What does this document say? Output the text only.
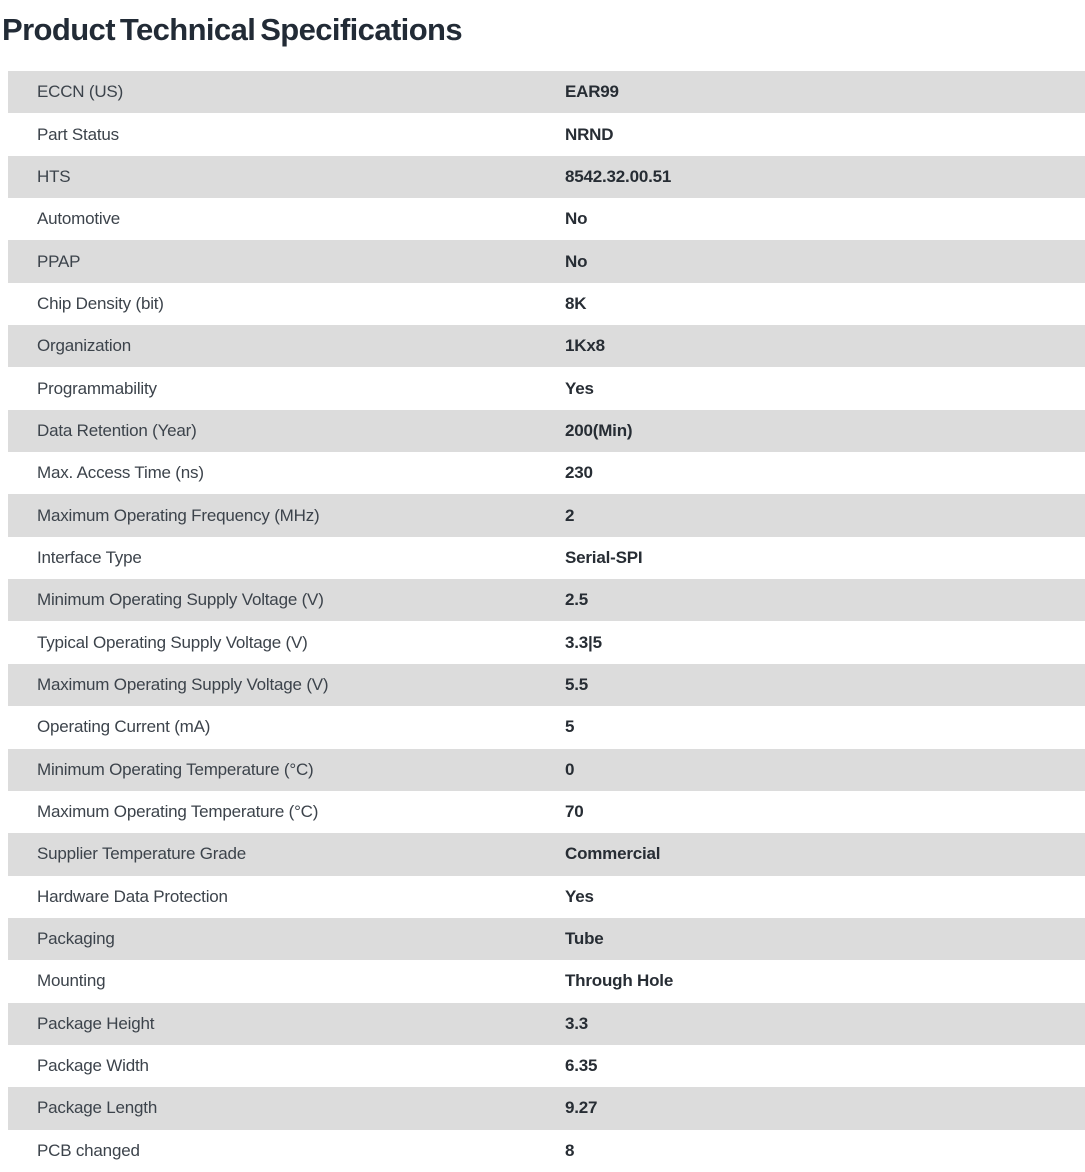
Product Technical Specifications
ECCN (US)	EAR99
Part Status	NRND
HTS	8542.32.00.51
Automotive	No
PPAP	No
Chip Density (bit)	8K
Organization	1Kx8
Programmability	Yes
Data Retention (Year)	200(Min)
Max. Access Time (ns)	230
Maximum Operating Frequency (MHz)	2
Interface Type	Serial-SPI
Minimum Operating Supply Voltage (V)	2.5
Typical Operating Supply Voltage (V)	3.3|5
Maximum Operating Supply Voltage (V)	5.5
Operating Current (mA)	5
Minimum Operating Temperature (°C)	0
Maximum Operating Temperature (°C)	70
Supplier Temperature Grade	Commercial
Hardware Data Protection	Yes
Packaging	Tube
Mounting	Through Hole
Package Height	3.3
Package Width	6.35
Package Length	9.27
PCB changed	8
